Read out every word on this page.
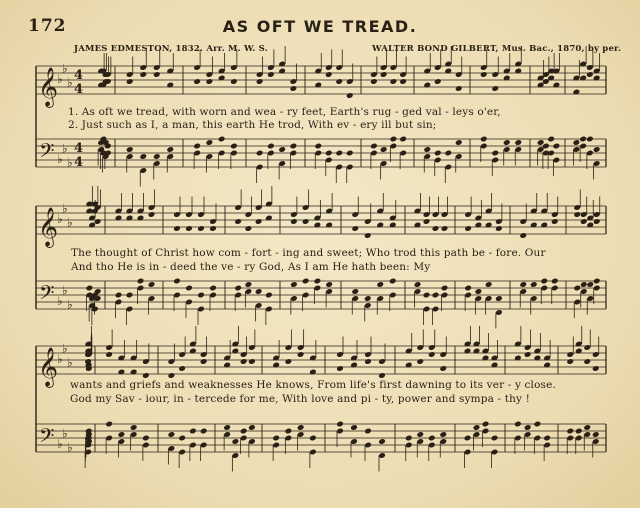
172	AS OFT WE TREAD.
JAMES EDMESTON, 1832. Arr. M. W. S.	WALTER BOND GILBERT, Mus. Bac., 1870, by per.
𝄞
𝄢
♭
♭
♭
♭
♭
♭
4
4
4
4
𝄞
𝄢
♭
♭
♭
♭
♭
♭
𝄞
𝄢
♭
♭
♭
♭
♭
♭
1. As oft we tread, with worn and wea - ry feet, Earth's rug - ged val - leys o'er,
2. Just such as I, a man, this earth He trod, With ev - ery ill but sin;
The thought of Christ how com - fort - ing and sweet; Who trod this path be - fore. Our
And tho He is in - deed the ve - ry God, As I am He hath been: My
wants and griefs and weaknesses He knows, From life's first dawning to its ver - y close.
God my Sav - iour, in - tercede for me, With love and pi - ty, power and sympa - thy !
